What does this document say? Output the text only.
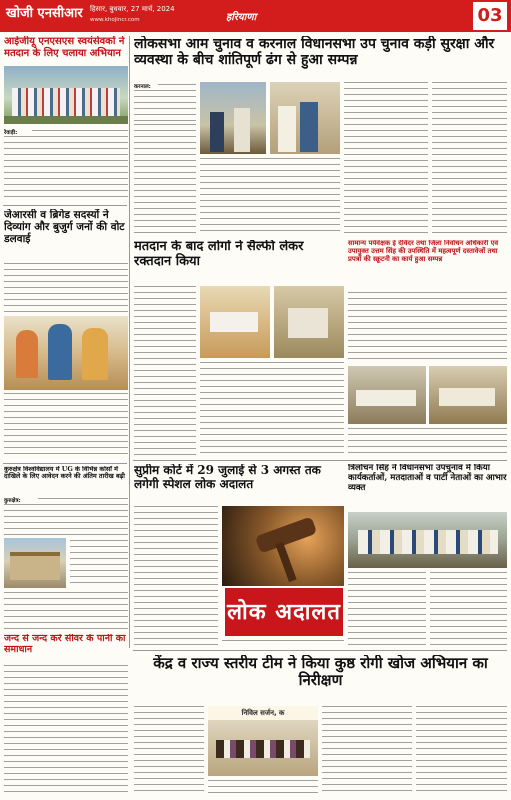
खोजी एनसीआर हिसार, बुधवार, 27 मार्च, 2024
www.khojincr.com	हरियाणा	03
आईजीयू एनएसएस स्वयंसेवकों ने मतदान के लिए चलाया अभियान
रेवाड़ी:
जेआरसी व ब्रिगेड सदस्यों ने दिव्यांग और बुजुर्ग जनों की वोट डलवाई
कुरुक्षेत्र विश्वविद्यालय में UG के विभिन्न कोर्सों में दाखिले के लिए आवेदन करने की अंतिम तारीख बढ़ी
कुरुक्षेत्र:
जन्द से जन्द करें सीवर के पानी का समाधान
लोकसभा आम चुनाव व करनाल विधानसभा उप चुनाव कड़ी सुरक्षा और व्यवस्था के बीच शांतिपूर्ण ढंग से हुआ सम्पन्न
करनाल:
मतदान के बाद लोगों ने सैल्फी लेकर रक्तदान किया
सामान्य पर्यवेक्षक ई देविंदर तथा जिला निर्वाचन अधिकारी एवं उपायुक्त उत्तम सिंह की उपस्थिति में महत्वपूर्ण दस्तावेजों तथा प्रपत्रों की स्क्रूटनी का कार्य हुआ सम्पन्न
सुप्रीम कोर्ट में 29 जुलाई से 3 अगस्त तक लगेगी स्पेशल लोक अदालत
लोक अदालत
त्रिलोचन सिंह ने विधानसभा उपचुनाव में किया कार्यकर्ताओं, मतदाताओं व पार्टी नेताओं का आभार व्यक्त
केंद्र व राज्य स्तरीय टीम ने किया कुष्ठ रोगी खोज अभियान का निरीक्षण
निविल सर्जन, क
